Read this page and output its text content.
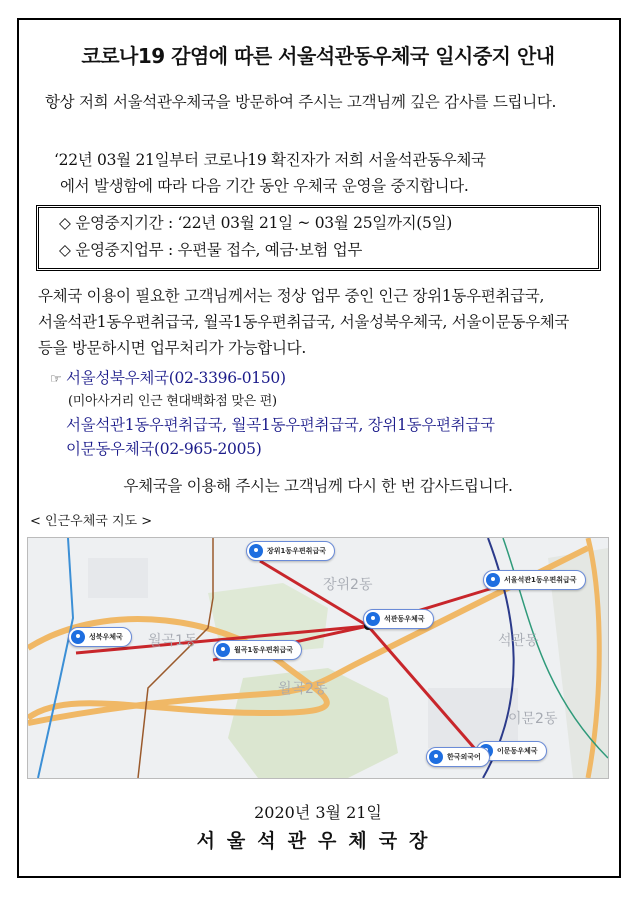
코로나19 감염에 따른 서울석관동우체국 일시중지 안내
항상 저희 서울석관우체국을 방문하여 주시는 고객님께 깊은 감사를 드립니다.
‘22년 03월 21일부터 코로나19 확진자가 저희 서울석관동우체국
에서 발생함에 따라 다음 기간 동안 우체국 운영을 중지합니다.
◇ 운영중지기간 : ‘22년 03월 21일 ~ 03월 25일까지(5일)
◇ 운영중지업무 : 우편물 접수, 예금·보험 업무
우체국 이용이 필요한 고객님께서는 정상 업무 중인 인근 장위1동우편취급국,
서울석관1동우편취급국, 월곡1동우편취급국, 서울성북우체국, 서울이문동우체국
등을 방문하시면 업무처리가 가능합니다.
☞ 서울성북우체국(02-3396-0150)
(미아사거리 인근 현대백화점 맞은 편)
서울석관1동우편취급국, 월곡1동우편취급국, 장위1동우편취급국
이문동우체국(02-965-2005)
우체국을 이용해 주시는 고객님께 다시 한 번 감사드립니다.
< 인근우체국 지도 >
장위2동
석관동
월곡1동
월곡2동
이문2동
장위1동우편취급국
서울석관1동우편취급국
성북우체국
월곡1동우편취급국
석관동우체국
이문동우체국
한국외국어
2020년 3월 21일
서울석관우체국장
